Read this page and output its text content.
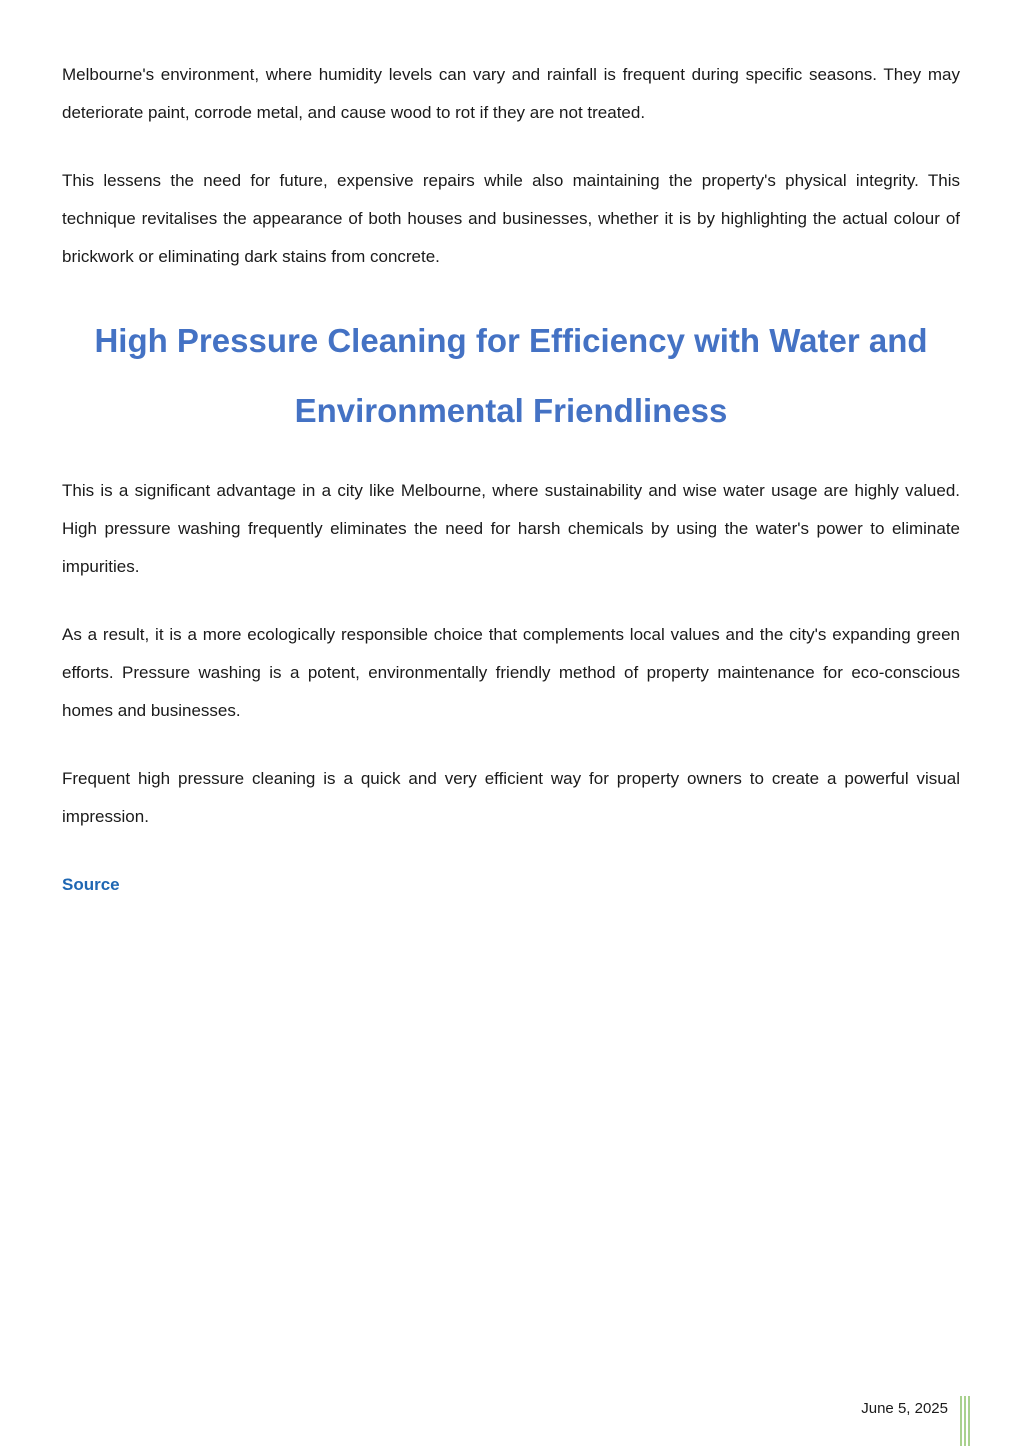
Melbourne's environment, where humidity levels can vary and rainfall is frequent during specific seasons. They may deteriorate paint, corrode metal, and cause wood to rot if they are not treated.

This lessens the need for future, expensive repairs while also maintaining the property's physical integrity. This technique revitalises the appearance of both houses and businesses, whether it is by highlighting the actual colour of brickwork or eliminating dark stains from concrete.

High Pressure Cleaning for Efficiency with Water and Environmental Friendliness

This is a significant advantage in a city like Melbourne, where sustainability and wise water usage are highly valued. High pressure washing frequently eliminates the need for harsh chemicals by using the water's power to eliminate impurities.

As a result, it is a more ecologically responsible choice that complements local values and the city's expanding green efforts. Pressure washing is a potent, environmentally friendly method of property maintenance for eco-conscious homes and businesses.

Frequent high pressure cleaning is a quick and very efficient way for property owners to create a powerful visual impression.

Source
June 5, 2025
